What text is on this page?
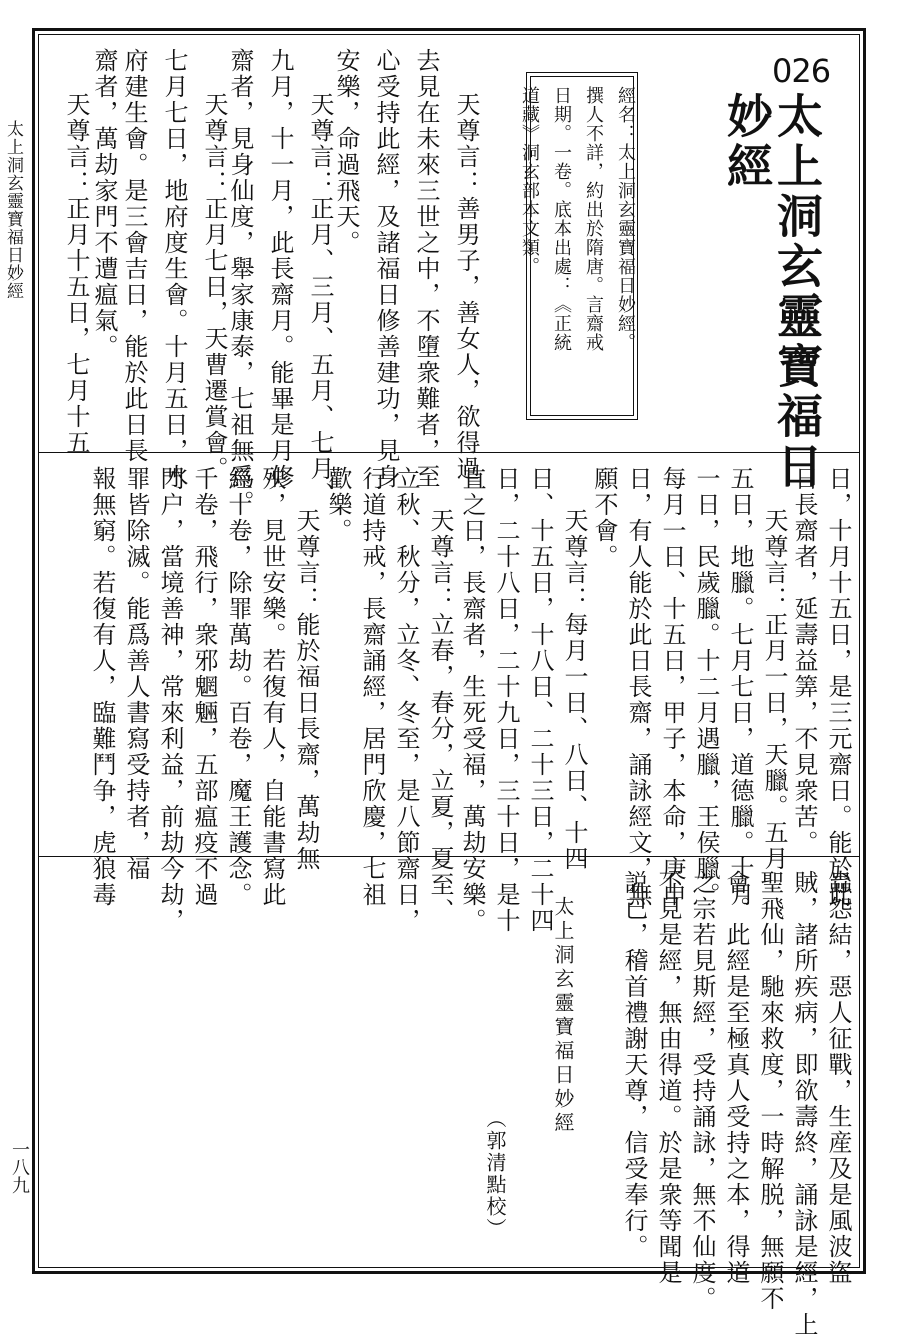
太上洞玄靈寶福日妙經
一八九
026
太上洞玄靈寶福日
妙經
經名：太上洞玄靈寶福日妙經。
撰人不詳，約出於隋唐。言齋戒
日期。一卷。底本出處：《正統
天尊言：善男子，善女人，欲得過
去見在未來三世之中，不墮衆難者，至
心受持此經，及諸福日修善建功，見身
安樂，命過飛天。
天尊言：正月、三月、五月、七月、
九月，十一月，此長齋月。能畢是月修
齋者，見身仙度，舉家康泰，七祖無爲。
天尊言：正月七日，天曹遷賞會。
七月七日，地府度生會。十月五日，水
府建生會。是三會吉日，能於此日長
齋者，萬劫家門不遭瘟氣。
天尊言：正月十五日，七月十五
日，十月十五日，是三元齋日。能於此
日長齋者，延壽益筭，不見衆苦。
天尊言：正月一日，天臘。五月
五日，地臘。七月七日，道德臘。十月
一日，民歲臘。十二月遇臘，王侯臘。
每月一日、十五日，甲子，本命，庚申
日，有人能於此日長齋，誦詠經文，無
願不會。
天尊言：每月一日、八日、十四
日、十五日，十八日、二十三日，二十四
日，二十八日，二十九日，三十日，是十
直之日，長齋者，生死受福，萬劫安樂。
天尊言：立春，春分，立夏，夏至、
立秋、秋分，立冬、冬至，是八節齋日，
行道持戒，長齋誦經，居門欣慶，七祖
歡樂。
天尊言：能於福日長齋，萬劫無
殃，見世安樂。若復有人，自能書寫此
經十卷，除罪萬劫。百卷，魔王護念。
千卷，飛行，衆邪魍魎，五部瘟疫不過
門户，當境善神，常來利益，前劫今劫，
罪皆除滅。能爲善人書寫受持者，福
報無窮。若復有人，臨難鬥争，虎狼毒
蟲怨結，惡人征戰，生産及是風波盜
賊，諸所疾病，即欲壽終，誦詠是經，上
聖飛仙，馳來救度，一時解脱，無願不
會。此經是至極真人受持之本，得道
之宗若見斯經，受持誦詠，無不仙度。
不見是經，無由得道。於是衆等聞是
説已，稽首禮謝天尊，信受奉行。
太上洞玄靈寶福日妙經
（郭清點校）
道藏》洞玄部本文類。
